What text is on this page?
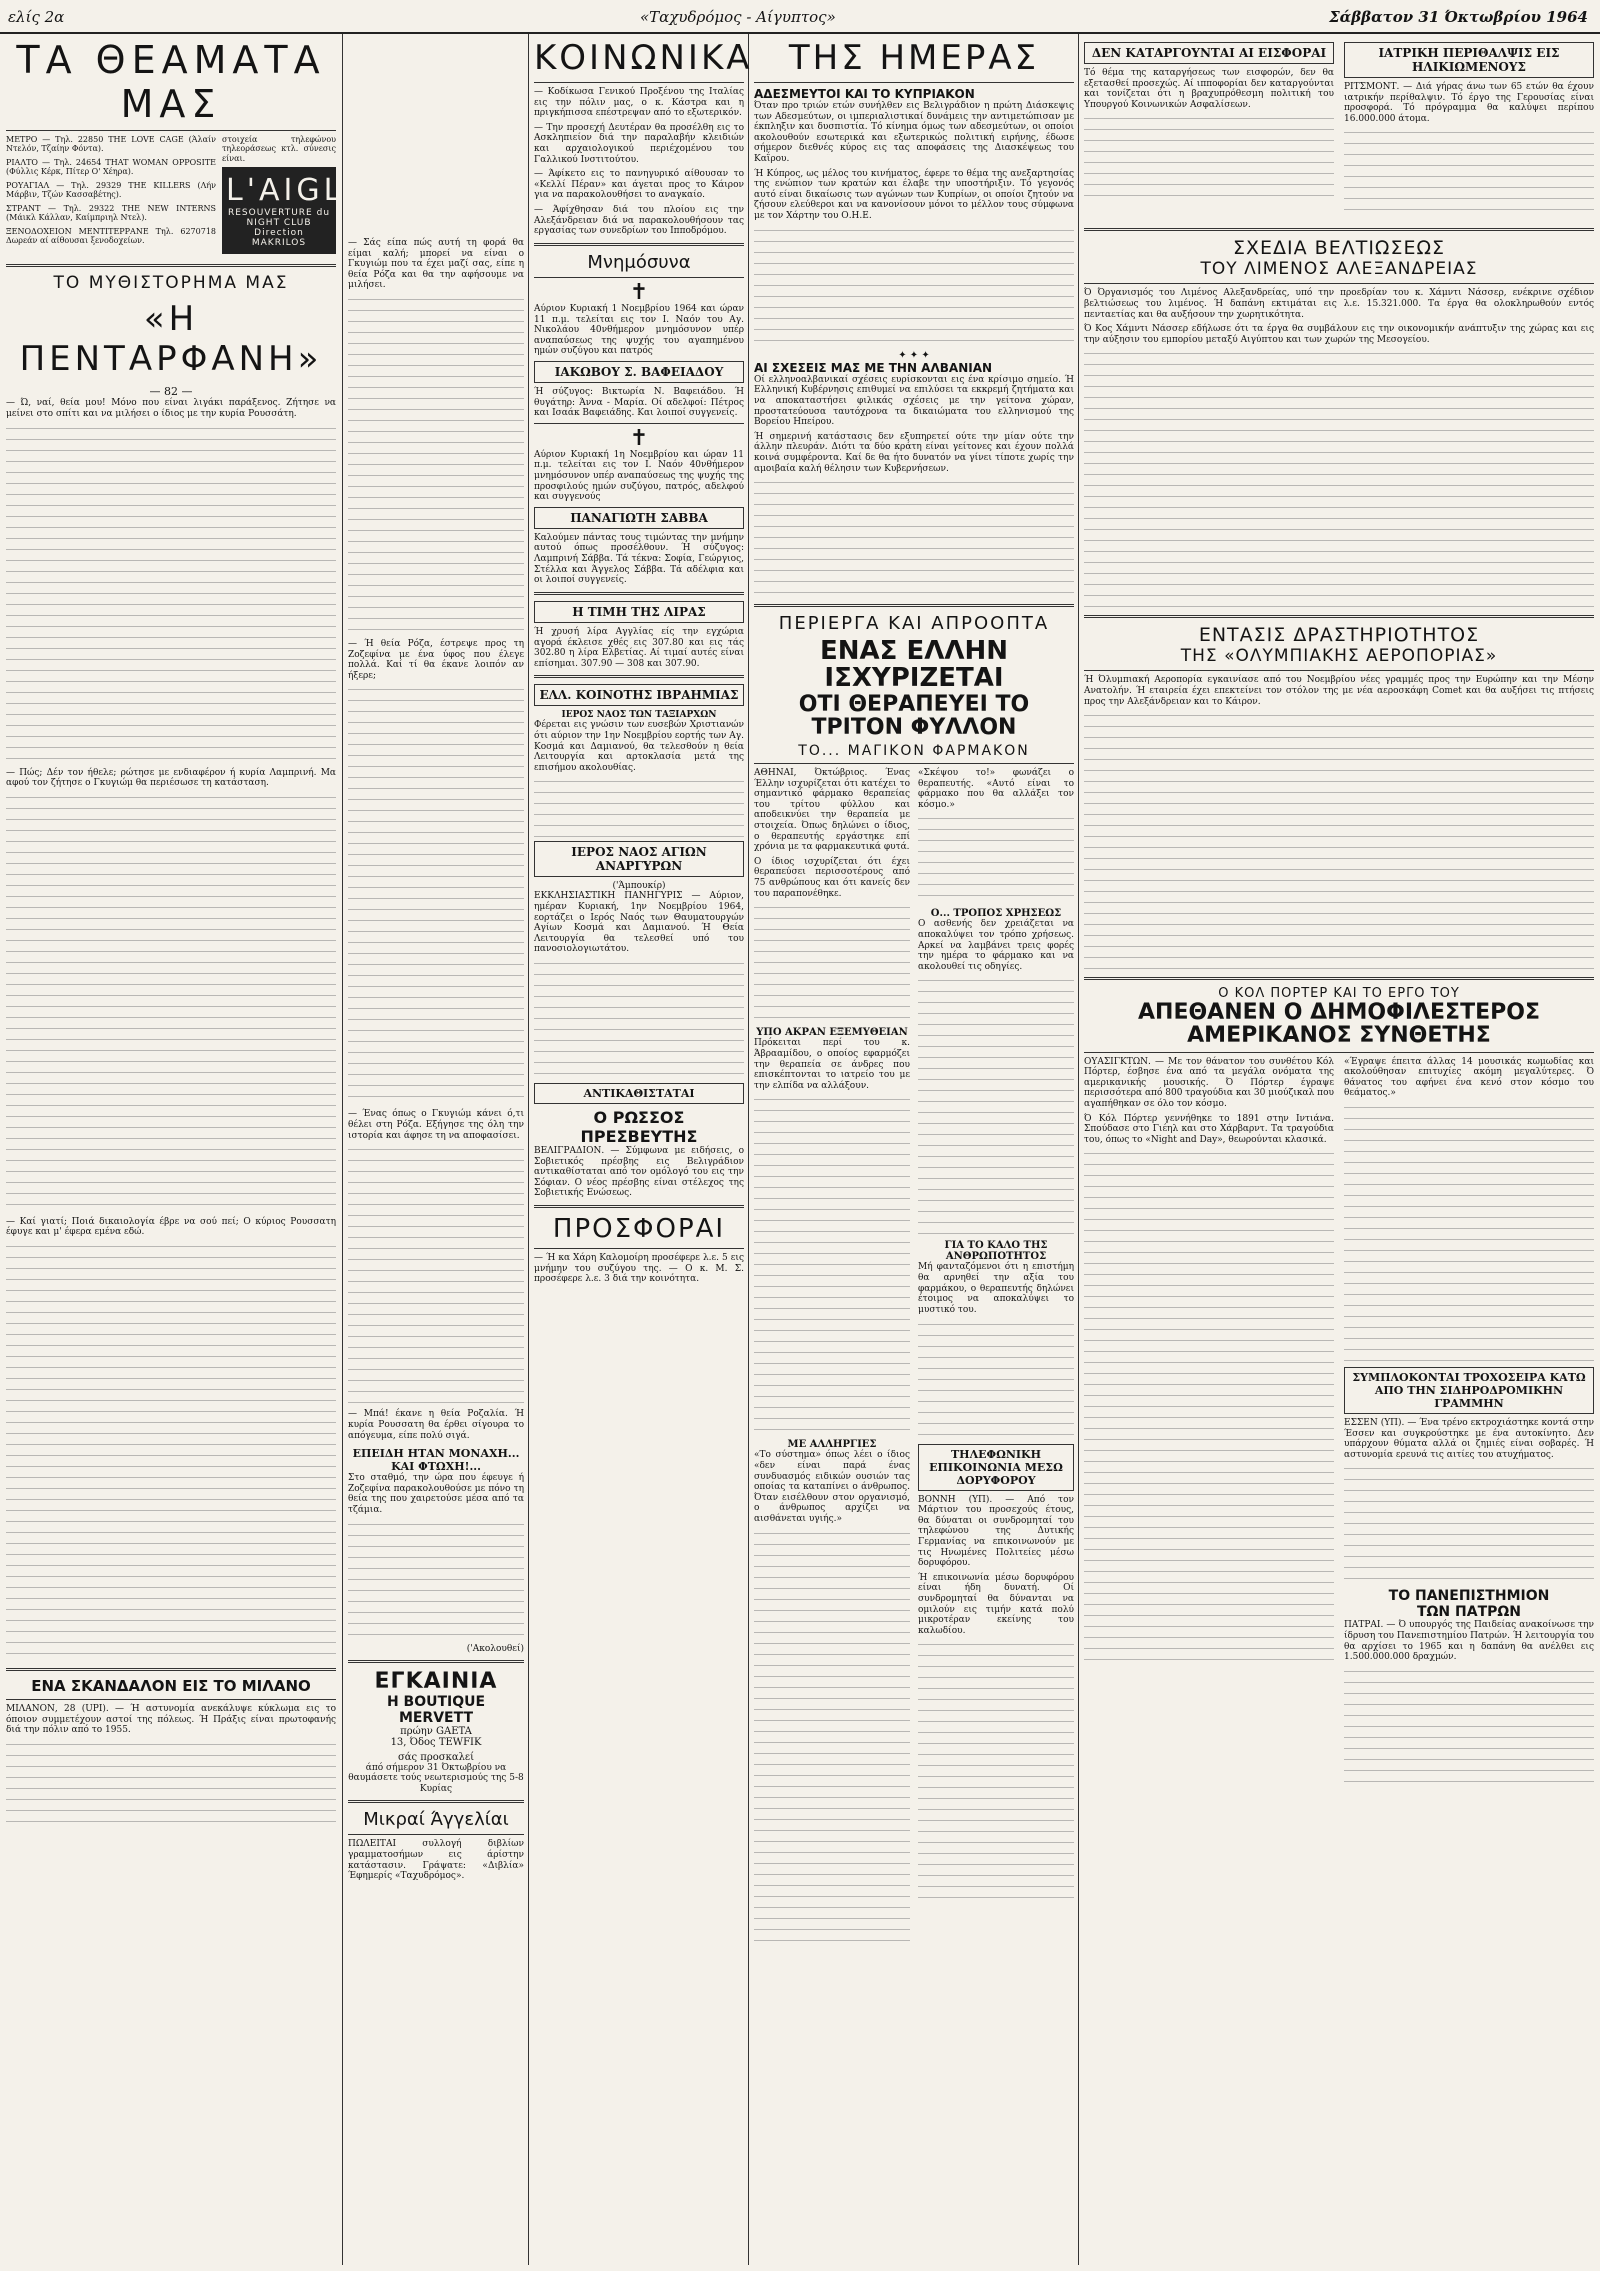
ελίς 2α	«Ταχυδρόμος - Αίγυπτος»	Σάββατον 31 Όκτωβρίου 1964
ΤΑ ΘΕΑΜΑΤΑ ΜΑΣ

ΜΕΤΡΟ — Τηλ. 22850 THE LOVE CAGE (Άλαίν Ντελόν, Τζαίην Φόντα).

ΡΙΑΛΤΟ — Τηλ. 24654 THAT WOMAN OPPOSITE (Φύλλις Κέρκ, Πίτερ Ο' Χέηρα).

ΡΟΥΑΓΙΑΛ — Τηλ. 29329 THE KILLERS (Λήν Μάρβιν, Τζών Κασσαβέτης).

ΣΤΡΑΝΤ — Τηλ. 29322 THE NEW INTERNS (Μάικλ Κάλλαν, Καίμπριηλ Ντελ).

ΞΕΝΟΔΟΧΕΙΟΝ ΜΕΝΤΙΤΕΡΡΑΝΕ Τηλ. 6270718 Δωρεάν αί αίθουσαι ξενοδοχείων.

στοιχεία τηλεφώνου τηλεοράσεως κτλ. σύνεσις είναι.

L'AIGLON
RESOUVERTURE du NIGHT CLUB
Direction MAKRILOS
ΤΟ ΜΥΘΙΣΤΟΡΗΜΑ ΜΑΣ
«Η ΠΕΝΤΑΡΦΑΝΗ»
— 82 —

— Ώ, ναί, θεία μου! Μόνο που είναι λιγάκι παράξενος. Ζήτησε να μείνει στο σπίτι και να μιλήσει ο ίδιος με την κυρία Ρουσσάτη.

— Πώς; Δέν τον ήθελε; ρώτησε με ενδιαφέρον ή κυρία Λαμπρινή. Μα αφού τον ζήτησε ο Γκυγιώμ θα περιέσωσε τη κατάσταση.

— Καί γιατί; Ποιά δικαιολογία έβρε να σού πεί; Ο κύριος Ρουσσατη έφυγε και μ' έφερα εμένα εδώ.

ΕΝΑ ΣΚΑΝΔΑΛΟΝ ΕΙΣ ΤΟ ΜΙΛΑΝΟ

ΜΙΛΑΝΟΝ, 28 (UPI). — Ή αστυνομία ανεκάλυψε κύκλωμα εις το όποιον συμμετέχουν αστοί της πόλεως. Ή Πράξις είναι πρωτοφανής διά την πόλιν από το 1955.

— Σάς είπα πώς αυτή τη φορά θα είμαι καλή; μπορεί να είναι ο Γκυγιώμ που τα έχει μαζί σας, είπε η θεία Ρόζα και θα την αφήσουμε να μιλήσει.

— Ή θεία Ρόζα, έστρεψε προς τη Ζοζεφίνα με ένα ύφος που έλεγε πολλά. Καί τί θα έκανε λοιπόν αν ήξερε;

— Ένας όπως ο Γκυγιώμ κάνει ό,τι θέλει στη Ρόζα. Εξήγησε της όλη την ιστορία και άφησε τη να αποφασίσει.

— Μπά! έκανε η θεία Ροζαλία. Ή κυρία Ρουσσατη θα έρθει σίγουρα το απόγευμα, είπε πολύ σιγά.

ΕΠΕΙΔΗ ΗΤΑΝ ΜΟΝΑΧΗ...
ΚΑΙ ΦΤΩΧΗ!...

Στο σταθμό, την ώρα που έφευγε ή Ζοζεφίνα παρακολουθούσε με πόνο τη θεία της που χαιρετούσε μέσα από τα τζάμια.

('Ακολουθεί)
ΕΓΚΑΙΝΙΑ
Η BOUTIQUE MERVETT
πρώην GAETA
13, Όδος TEWFIK
σάς προσκαλεί

άπό σήμερον 31 Όκτωβρίου να θαυμάσετε τούς νεωτερισμούς της 5-8 Κυρίας

Μικραί Άγγελίαι

ΠΩΛΕΙΤΑΙ συλλογή διβλίων γραμματοσήμων εις άρίστην κατάστασιν. Γράψατε: «Διβλία» Έφημερίς «Ταχυδρόμος».

ΚΟΙΝΩΝΙΚΑ

— Κοδίκωσα Γενικού Προξένου της Ιταλίας εις την πόλιν μας, ο κ. Κάστρα και η πριγκήπισσα επέστρεψαν από το εξωτερικόν.

— Την προσεχή Δευτέραν θα προσέλθη εις το Ασκληπιείον διά την παραλαβήν κλειδιών και αρχαιολογικού περιέχομένου του Γαλλικού Ινστιτούτου.

— Άφίκετο εις το πανηγυρικό αίθουσαν το «Κελλί Πέραν» και άγεται προς το Κάιρον για να παρακολουθήσει το αναγκαίο.

— Άφίχθησαν διά του πλοίου εις την Αλεξάνδρειαν διά να παρακολουθήσουν τας εργασίας των συνεδρίων του Ιπποδρόμου.

Μνημόσυνα
✝

Αύριον Κυριακή 1 Νοεμβρίου 1964 και ώραν 11 π.μ. τελείται εις τον Ι. Ναόν του Αγ. Νικολάου 40νθήμερον μνημόσυνον υπέρ αναπαύσεως της ψυχής του αγαπημένου ημών συζύγου και πατρός

ΙΑΚΩΒΟΥ Σ. ΒΑΦΕΙΑΔΟΥ

Ή σύζυγος: Βικτωρία Ν. Βαφειάδου. Ή θυγάτηρ: Άννα - Μαρία. Οί αδελφοί: Πέτρος και Ισαάκ Βαφειάδης. Και λοιποί συγγενείς.

✝

Αύριον Κυριακή 1η Νοεμβρίου και ώραν 11 π.μ. τελείται εις τον Ι. Ναόν 40νθήμερον μνημόσυνον υπέρ αναπαύσεως της ψυχής της προσφιλούς ημών συζύγου, πατρός, αδελφού και συγγενούς

ΠΑΝΑΓΙΩΤΗ ΣΑΒΒΑ

Καλούμεν πάντας τους τιμώντας την μνήμην αυτού όπως προσέλθουν. Ή σύζυγος: Λαμπρινή Σάββα. Τά τέκνα: Σοφία, Γεώργιος, Στέλλα και Άγγελος Σάββα. Τά αδέλφια και οι λοιποί συγγενείς.

Η ΤΙΜΗ ΤΗΣ ΛΙΡΑΣ

Ή χρυσή λίρα Αγγλίας είς την εγχώρια αγορά έκλεισε χθές εις 307.80 και εις τάς 302.80 η λίρα Ελβετίας. Αί τιμαί αυτές είναι επίσημαι. 307.90 — 308 και 307.90.

ΕΛΛ. ΚΟΙΝΟΤΗΣ ΙΒΡΑΗΜΙΑΣ
ΙΕΡΟΣ ΝΑΟΣ ΤΩΝ ΤΑΞΙΑΡΧΩΝ

Φέρεται εις γνώσιν των ευσεβών Χριστιανών ότι αύριον την 1ην Νοεμβρίου εορτής των Αγ. Κοσμά και Δαμιανού, θα τελεσθούν η θεία Λειτουργία και αρτοκλασία μετά της επισήμου ακολουθίας.

ΙΕΡΟΣ ΝΑΟΣ ΑΓΙΩΝ ΑΝΑΡΓΥΡΩΝ
('Άμπουκίρ)

ΕΚΚΛΗΣΙΑΣΤΙΚΗ ΠΑΝΗΓΥΡΙΣ — Αύριον, ημέραν Κυριακή, 1ην Νοεμβρίου 1964, εορτάζει ο Ιερός Ναός των Θαυματουργών Αγίων Κοσμά και Δαμιανού. Ή Θεία Λειτουργία θα τελεσθεί υπό του πανοσιολογιωτάτου.

ΑΝΤΙΚΑΘΙΣΤΑΤΑΙ
Ο ΡΩΣΣΟΣ ΠΡΕΣΒΕΥΤΗΣ

ΒΕΛΙΓΡΑΔΙΟΝ. — Σύμφωνα με ειδήσεις, ο Σοβιετικός πρέσβης εις Βελιγράδιον αντικαθίσταται από τον ομόλογό του εις την Σόφιαν. Ο νέος πρέσβης είναι στέλεχος της Σοβιετικής Ενώσεως.

ΠΡΟΣΦΟΡΑΙ

— Ή κα Χάρη Καλομοίρη προσέφερε λ.ε. 5 εις μνήμην του συζύγου της. — Ο κ. Μ. Σ. προσέφερε λ.ε. 3 διά την κοινότητα.

ΤΗΣ ΗΜΕΡΑΣ
ΑΔΕΣΜΕΥΤΟΙ ΚΑΙ ΤΟ ΚΥΠΡΙΑΚΟΝ

Όταν προ τριών ετών συνήλθεν εις Βελιγράδιον η πρώτη Διάσκεψις των Αδεσμεύτων, οι ιμπεριαλιστικαί δυνάμεις την αντιμετώπισαν με έκπληξιν και δυσπιστία. Τό κίνημα όμως των αδεσμεύτων, οι οποίοι ακολουθούν εσωτερικά και εξωτερικώς πολιτική ειρήνης, έδωσε σήμερον διεθνές κύρος εις τας αποφάσεις της Διασκέψεως του Καΐρου.

Ή Κύπρος, ως μέλος του κινήματος, έφερε το θέμα της ανεξαρτησίας της ενώπιον των κρατών και έλαβε την υποστήριξιν. Τό γεγονός αυτό είναι δικαίωσις των αγώνων των Κυπρίων, οι οποίοι ζητούν να ζήσουν ελεύθεροι και να κανονίσουν μόνοι το μέλλον τους σύμφωνα με τον Χάρτην του Ο.Η.Ε.

✦ ✦ ✦
ΑΙ ΣΧΕΣΕΙΣ ΜΑΣ ΜΕ ΤΗΝ ΑΛΒΑΝΙΑΝ

Οί ελληνοαλβανικαί σχέσεις ευρίσκονται εις ένα κρίσιμο σημείο. Ή Ελληνική Κυβέρνησις επιθυμεί να επιλύσει τα εκκρεμή ζητήματα και να αποκαταστήσει φιλικάς σχέσεις με την γείτονα χώραν, προστατεύουσα ταυτόχρονα τα δικαιώματα του ελληνισμού της Βορείου Ηπείρου.

Ή σημερινή κατάστασις δεν εξυπηρετεί ούτε την μίαν ούτε την άλλην πλευράν. Διότι τα δύο κράτη είναι γείτονες και έχουν πολλά κοινά συμφέροντα. Καί δε θα ήτο δυνατόν να γίνει τίποτε χωρίς την αμοιβαία καλή θέλησιν των Κυβερνήσεων.

ΠΕΡΙΕΡΓΑ ΚΑΙ ΑΠΡΟΟΠΤΑ
ΕΝΑΣ ΕΛΛΗΝ ΙΣΧΥΡΙΖΕΤΑΙ
ΟΤΙ ΘΕΡΑΠΕΥΕΙ ΤΟ ΤΡΙΤΟΝ ΦΥΛΛΟΝ
ΤΟ... ΜΑΓΙΚΟΝ ΦΑΡΜΑΚΟΝ

ΑΘΗΝΑΙ, Όκτώβριος. Ένας Έλλην ισχυρίζεται ότι κατέχει το σημαντικό φάρμακο θεραπείας του τρίτου φύλλου και αποδεικνύει την θεραπεία με στοιχεία. Όπως δηλώνει ο ίδιος, ο θεραπευτής εργάστηκε επί χρόνια με τα φαρμακευτικά φυτά.

Ο ίδιος ισχυρίζεται ότι έχει θεραπεύσει περισσοτέρους από 75 ανθρώπους και ότι κανείς δεν του παραπονέθηκε.

ΥΠΟ ΑΚΡΑΝ ΕΞΕΜΥΘΕΙΑΝ

Πρόκειται περί του κ. Άβρααμίδου, ο οποίος εφαρμόζει την θεραπεία σε άνδρες που επισκέπτονται το ιατρείο του με την ελπίδα να αλλάξουν.

ΜΕ ΑΛΛΗΡΓΙΕΣ

«Το σύστημα» όπως λέει ο ίδιος «δεν είναι παρά ένας συνδυασμός ειδικών ουσιών τας οποίας τα καταπίνει ο άνθρωπος. Όταν εισέλθουν στον οργανισμό, ο άνθρωπος αρχίζει να αισθάνεται υγιής.»

«Σκέψου το!» φωνάζει ο θεραπευτής. «Αυτό είναι το φάρμακο που θα αλλάξει τον κόσμο.»

Ο... ΤΡΟΠΟΣ ΧΡΗΣΕΩΣ

Ο ασθενής δεν χρειάζεται να αποκαλύψει τον τρόπο χρήσεως. Αρκεί να λαμβάνει τρεις φορές την ημέρα το φάρμακο και να ακολουθεί τις οδηγίες.

ΓΙΑ ΤΟ ΚΑΛΟ ΤΗΣ ΑΝΘΡΩΠΟΤΗΤΟΣ

Μή φανταζόμενοι ότι η επιστήμη θα αρνηθεί την αξία του φαρμάκου, ο θεραπευτής δηλώνει έτοιμος να αποκαλύψει το μυστικό του.

ΤΗΛΕΦΩΝΙΚΗ ΕΠΙΚΟΙΝΩΝΙΑ ΜΕΣΩ ΔΟΡΥΦΟΡΟΥ

ΒΟΝΝΗ (ΥΠ). — Από τον Μάρτιον του προσεχούς έτους, θα δύναται οι συνδρομηταί του τηλεφώνου της Δυτικής Γερμανίας να επικοινωνούν με τις Ηνωμένες Πολιτείες μέσω δορυφόρου.

Ή επικοινωνία μέσω δορυφόρου είναι ήδη δυνατή. Οί συνδρομηταί θα δύνανται να ομιλούν εις τιμήν κατά πολύ μικροτέραν εκείνης του καλωδίου.

ΔΕΝ ΚΑΤΑΡΓΟΥΝΤΑΙ ΑΙ ΕΙΣΦΟΡΑΙ

Τό θέμα της καταργήσεως των εισφορών, δεν θα εξετασθεί προσεχώς. Αί ιπποφορίαι δεν καταργούνται και τονίζεται ότι η βραχυπρόθεσμη πολιτική του Υπουργού Κοινωνικών Ασφαλίσεων.

ΙΑΤΡΙΚΗ ΠΕΡΙΘΑΛΨΙΣ ΕΙΣ ΗΛΙΚΙΩΜΕΝΟΥΣ

ΡΙΤΣΜΟΝΤ. — Διά γήρας άνω των 65 ετών θα έχουν ιατρικήν περίθαλψιν. Τό έργο της Γερουσίας είναι προσφορά. Τό πρόγραμμα θα καλύψει περίπου 16.000.000 άτομα.

ΣΧΕΔΙΑ ΒΕΛΤΙΩΣΕΩΣ
ΤΟΥ ΛΙΜΕΝΟΣ ΑΛΕΞΑΝΔΡΕΙΑΣ

Ό Όργανισμός του Λιμένος Αλεξανδρείας, υπό την προεδρίαν του κ. Χάμντι Νάσσερ, ενέκρινε σχέδιον βελτιώσεως του λιμένος. Ή δαπάνη εκτιμάται εις λ.ε. 15.321.000. Τα έργα θα ολοκληρωθούν εντός πενταετίας και θα αυξήσουν την χωρητικότητα.

Ό Κος Χάμντι Νάσσερ εδήλωσε ότι τα έργα θα συμβάλουν εις την οικονομικήν ανάπτυξιν της χώρας και εις την αύξησιν του εμπορίου μεταξύ Αιγύπτου και των χωρών της Μεσογείου.

ΕΝΤΑΣΙΣ ΔΡΑΣΤΗΡΙΟΤΗΤΟΣ
ΤΗΣ «ΟΛΥΜΠΙΑΚΗΣ ΑΕΡΟΠΟΡΙΑΣ»

Ή Όλυμπιακή Αεροπορία εγκαινίασε από του Νοεμβρίου νέες γραμμές προς την Ευρώπην και την Μέσην Ανατολήν. Ή εταιρεία έχει επεκτείνει τον στόλον της με νέα αεροσκάφη Comet και θα αυξήσει τις πτήσεις προς την Αλεξάνδρειαν και το Κάιρον.

Ο ΚΟΛ ΠΟΡΤΕΡ ΚΑΙ ΤΟ ΕΡΓΟ ΤΟΥ
ΑΠΕΘΑΝΕΝ Ο ΔΗΜΟΦΙΛΕΣΤΕΡΟΣ
ΑΜΕΡΙΚΑΝΟΣ ΣΥΝΘΕΤΗΣ

ΟΥΑΣΙΓΚΤΩΝ. — Με τον θάνατον του συνθέτου Κόλ Πόρτερ, έσβησε ένα από τα μεγάλα ονόματα της αμερικανικής μουσικής. Ό Πόρτερ έγραψε περισσότερα από 800 τραγούδια και 30 μιούζικαλ που αγαπήθηκαν σε όλο τον κόσμο.

Ό Κόλ Πόρτερ γεννήθηκε το 1891 στην Ιντιάνα. Σπούδασε στο Γιέηλ και στο Χάρβαρντ. Τα τραγούδια του, όπως το «Night and Day», θεωρούνται κλασικά.

«Έγραψε έπειτα άλλας 14 μουσικάς κωμωδίας και ακολούθησαν επιτυχίες ακόμη μεγαλύτερες. Ό θάνατος του αφήνει ένα κενό στον κόσμο του θεάματος.»

ΣΥΜΠΛΟΚΟΝΤΑΙ ΤΡΟΧΟΣΕΙΡΑ ΚΑΤΩ ΑΠΟ ΤΗΝ ΣΙΔΗΡΟΔΡΟΜΙΚΗΝ ΓΡΑΜΜΗΝ

ΕΣΣΕΝ (ΥΠ). — Ένα τρένο εκτροχιάστηκε κοντά στην Έσσεν και συγκρούστηκε με ένα αυτοκίνητο. Δεν υπάρχουν θύματα αλλά οι ζημιές είναι σοβαρές. Ή αστυνομία ερευνά τις αιτίες του ατυχήματος.

ΤΟ ΠΑΝΕΠΙΣΤΗΜΙΟΝ
ΤΩΝ ΠΑΤΡΩΝ

ΠΑΤΡΑΙ. — Ό υπουργός της Παιδείας ανακοίνωσε την ίδρυση του Πανεπιστημίου Πατρών. Ή λειτουργία του θα αρχίσει το 1965 και η δαπάνη θα ανέλθει εις 1.500.000.000 δραχμών.
